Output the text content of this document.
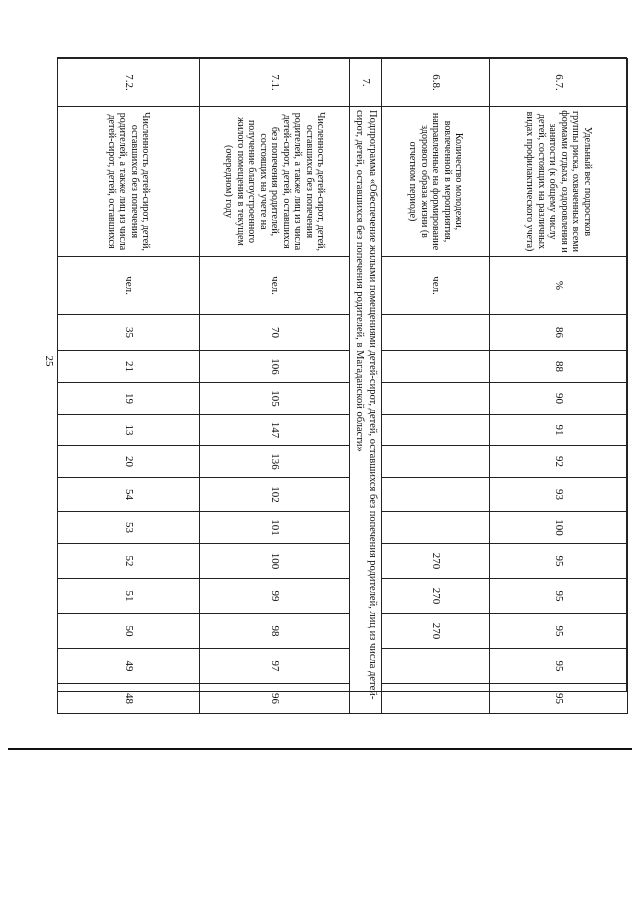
25
6.7.	Удельный вес подростков группы риска, охваченных всеми формами отдыха, оздоровления и занятости (к общему числу детей, состоящих на различных видах профилактического учета)	%	86	88	90	91	92	93	100	95	95	95	95	95
6.8.	Количество молодежи, вовлеченной в мероприятия, направленные на формирование здорового образа жизни (в отчетном периоде)	чел.								270	270	270		
7.	Подпрограмма «Обеспечение жилыми помещениями детей-сирот, детей, оставшихся без попечения родителей, лиц из числа детей-сирот, детей, оставшихся без попечения родителей, в Магаданской области»													
7.1.	Численность детей-сирот, детей, оставшихся без попечения родителей, а также лиц из числа детей-сирот, детей, оставшихся без попечения родителей, состоящих на учете на получение благоустроенного жилого помещения в текущем (очередном) году	чел.	70	106	105	147	136	102	101	100	99	98	97	96
7.2.	Численность детей-сирот, детей, оставшихся без попечения родителей, а также лиц из числа детей-сирот, детей, оставшихся	чел.	35	21	19	13	20	54	53	52	51	50	49	48
